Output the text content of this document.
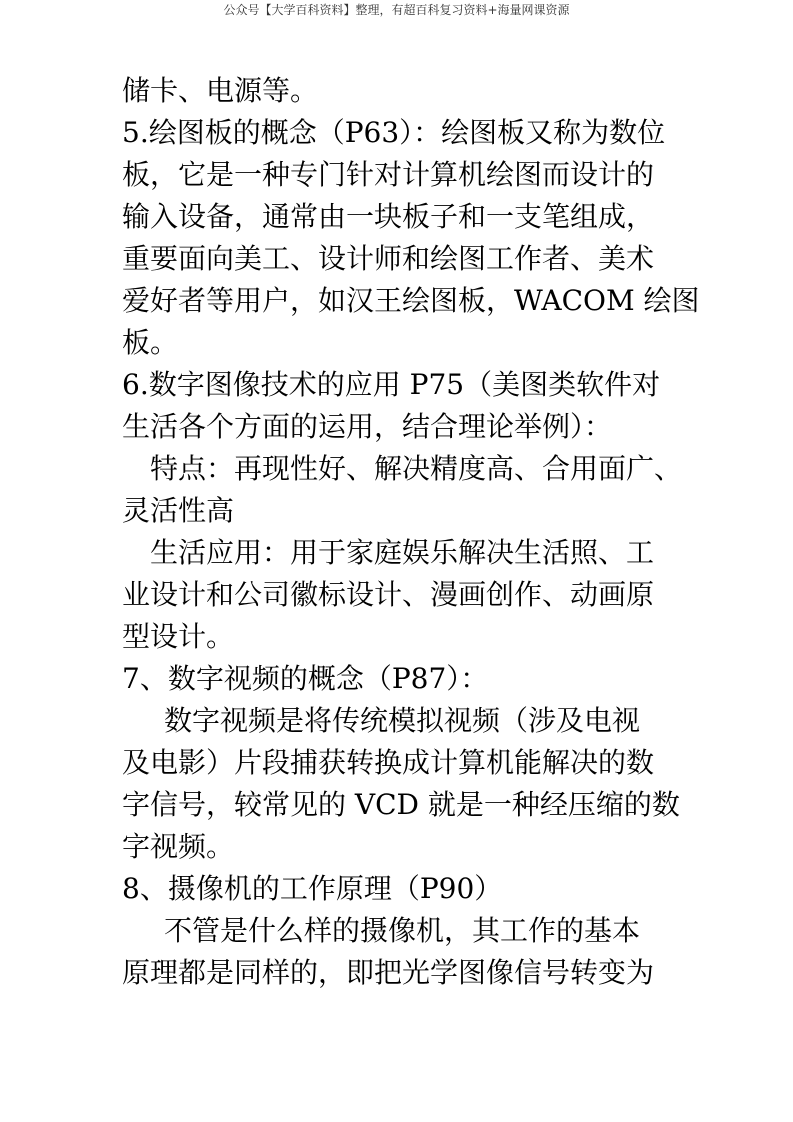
公众号【大学百科资料】整理，有超百科复习资料+海量网课资源
储卡、电源等。
5.绘图板的概念（P63）：绘图板又称为数位
板，它是一种专门针对计算机绘图而设计的
输入设备，通常由一块板子和一支笔组成，
重要面向美工、设计师和绘图工作者、美术
爱好者等用户，如汉王绘图板，WACOM 绘图
板。
6.数字图像技术的应用 P75（美图类软件对
生活各个方面的运用，结合理论举例）：
特点：再现性好、解决精度高、合用面广、
灵活性高
生活应用：用于家庭娱乐解决生活照、工
业设计和公司徽标设计、漫画创作、动画原
型设计。
7、数字视频的概念（P87）：
数字视频是将传统模拟视频（涉及电视
及电影）片段捕获转换成计算机能解决的数
字信号，较常见的 VCD 就是一种经压缩的数
字视频。
8、摄像机的工作原理（P90）
不管是什么样的摄像机，其工作的基本
原理都是同样的，即把光学图像信号转变为
